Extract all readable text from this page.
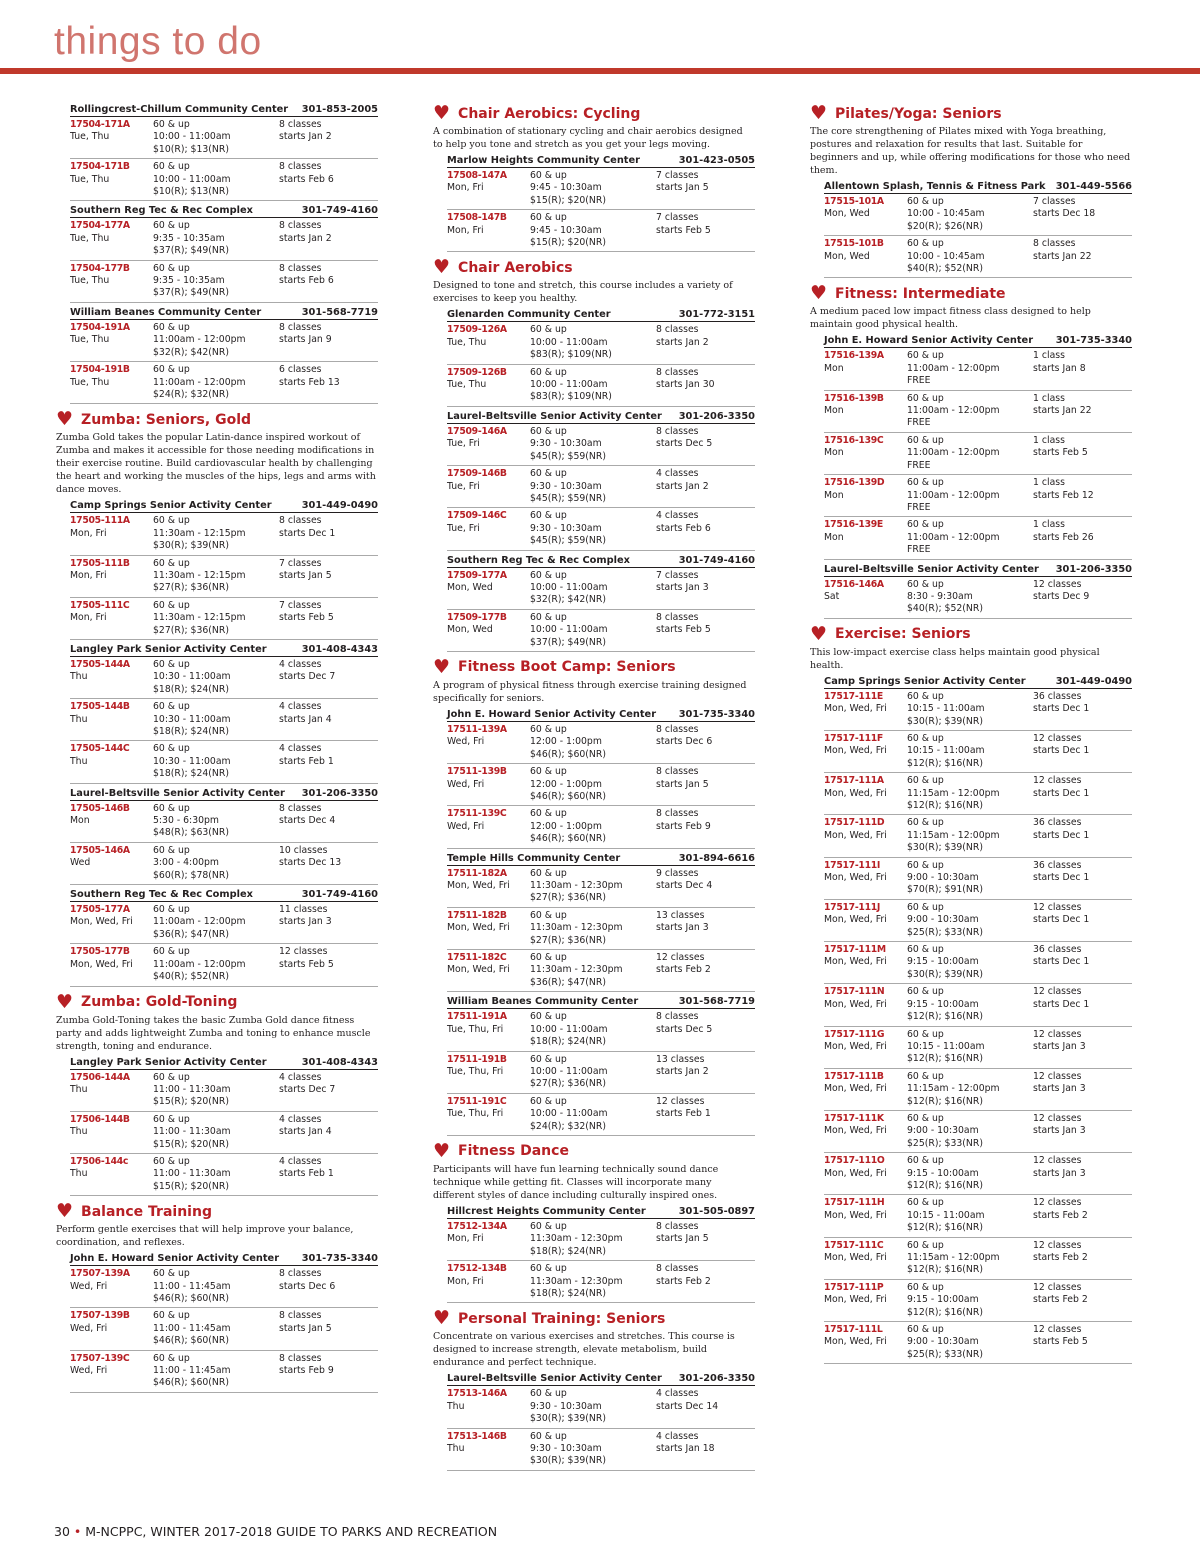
things to do
Rollingcrest-Chillum Community Center 301-853-2005
17504-171A	60 & up	8 classes
Tue, Thu	10:00 - 11:00am	starts Jan 2
$10(R); $13(NR)
17504-171B	60 & up	8 classes
Tue, Thu	10:00 - 11:00am	starts Feb 6
$10(R); $13(NR)
Southern Reg Tec & Rec Complex	301-749-4160
17504-177A	60 & up	8 classes
Tue, Thu	9:35 - 10:35am	starts Jan 2
$37(R); $49(NR)
17504-177B	60 & up	8 classes
Tue, Thu	9:35 - 10:35am	starts Feb 6
$37(R); $49(NR)
William Beanes Community Center	301-568-7719
17504-191A	60 & up	8 classes
Tue, Thu	11:00am - 12:00pm	starts Jan 9
$32(R); $42(NR)
17504-191B	60 & up	6 classes
Tue, Thu	11:00am - 12:00pm	starts Feb 13
$24(R); $32(NR)
♥ Zumba: Seniors, Gold
Zumba Gold takes the popular Latin-dance inspired workout of Zumba and makes it accessible for those needing modifications in their exercise routine. Build cardiovascular health by challenging the heart and working the muscles of the hips, legs and arms with dance moves.
Camp Springs Senior Activity Center	301-449-0490
17505-111A	60 & up	8 classes
Mon, Fri	11:30am - 12:15pm	starts Dec 1
$30(R); $39(NR)
17505-111B	60 & up	7 classes
Mon, Fri	11:30am - 12:15pm	starts Jan 5
$27(R); $36(NR)
17505-111C	60 & up	7 classes
Mon, Fri	11:30am - 12:15pm	starts Feb 5
$27(R); $36(NR)
Langley Park Senior Activity Center	301-408-4343
17505-144A	60 & up	4 classes
Thu	10:30 - 11:00am	starts Dec 7
$18(R); $24(NR)
17505-144B	60 & up	4 classes
Thu	10:30 - 11:00am	starts Jan 4
$18(R); $24(NR)
17505-144C	60 & up	4 classes
Thu	10:30 - 11:00am	starts Feb 1
$18(R); $24(NR)
Laurel-Beltsville Senior Activity Center 301-206-3350
17505-146B	60 & up	8 classes
Mon	5:30 - 6:30pm	starts Dec 4
$48(R); $63(NR)
17505-146A	60 & up	10 classes
Wed	3:00 - 4:00pm	starts Dec 13
$60(R); $78(NR)
Southern Reg Tec & Rec Complex	301-749-4160
17505-177A	60 & up	11 classes
Mon, Wed, Fri	11:00am - 12:00pm	starts Jan 3
$36(R); $47(NR)
17505-177B	60 & up	12 classes
Mon, Wed, Fri	11:00am - 12:00pm	starts Feb 5
$40(R); $52(NR)
♥ Zumba: Gold-Toning
Zumba Gold-Toning takes the basic Zumba Gold dance fitness party and adds lightweight Zumba and toning to enhance muscle strength, toning and endurance.
Langley Park Senior Activity Center	301-408-4343
17506-144A	60 & up	4 classes
Thu	11:00 - 11:30am	starts Dec 7
$15(R); $20(NR)
17506-144B	60 & up	4 classes
Thu	11:00 - 11:30am	starts Jan 4
$15(R); $20(NR)
17506-144c	60 & up	4 classes
Thu	11:00 - 11:30am	starts Feb 1
$15(R); $20(NR)
♥ Balance Training
Perform gentle exercises that will help improve your balance, coordination, and reflexes.
John E. Howard Senior Activity Center 301-735-3340
17507-139A	60 & up	8 classes
Wed, Fri	11:00 - 11:45am	starts Dec 6
$46(R); $60(NR)
17507-139B	60 & up	8 classes
Wed, Fri	11:00 - 11:45am	starts Jan 5
$46(R); $60(NR)
17507-139C	60 & up	8 classes
Wed, Fri	11:00 - 11:45am	starts Feb 9
$46(R); $60(NR)
♥ Chair Aerobics: Cycling
A combination of stationary cycling and chair aerobics designed to help you tone and stretch as you get your legs moving.
Marlow Heights Community Center	301-423-0505
17508-147A	60 & up	7 classes
Mon, Fri	9:45 - 10:30am	starts Jan 5
$15(R); $20(NR)
17508-147B	60 & up	7 classes
Mon, Fri	9:45 - 10:30am	starts Feb 5
$15(R); $20(NR)
♥ Chair Aerobics
Designed to tone and stretch, this course includes a variety of exercises to keep you healthy.
Glenarden Community Center	301-772-3151
17509-126A	60 & up	8 classes
Tue, Thu	10:00 - 11:00am	starts Jan 2
$83(R); $109(NR)
17509-126B	60 & up	8 classes
Tue, Thu	10:00 - 11:00am	starts Jan 30
$83(R); $109(NR)
Laurel-Beltsville Senior Activity Center 301-206-3350
17509-146A	60 & up	8 classes
Tue, Fri	9:30 - 10:30am	starts Dec 5
$45(R); $59(NR)
17509-146B	60 & up	4 classes
Tue, Fri	9:30 - 10:30am	starts Jan 2
$45(R); $59(NR)
17509-146C	60 & up	4 classes
Tue, Fri	9:30 - 10:30am	starts Feb 6
$45(R); $59(NR)
Southern Reg Tec & Rec Complex	301-749-4160
17509-177A	60 & up	7 classes
Mon, Wed	10:00 - 11:00am	starts Jan 3
$32(R); $42(NR)
17509-177B	60 & up	8 classes
Mon, Wed	10:00 - 11:00am	starts Feb 5
$37(R); $49(NR)
♥ Fitness Boot Camp: Seniors
A program of physical fitness through exercise training designed specifically for seniors.
John E. Howard Senior Activity Center 301-735-3340
17511-139A	60 & up	8 classes
Wed, Fri	12:00 - 1:00pm	starts Dec 6
$46(R); $60(NR)
17511-139B	60 & up	8 classes
Wed, Fri	12:00 - 1:00pm	starts Jan 5
$46(R); $60(NR)
17511-139C	60 & up	8 classes
Wed, Fri	12:00 - 1:00pm	starts Feb 9
$46(R); $60(NR)
Temple Hills Community Center	301-894-6616
17511-182A	60 & up	9 classes
Mon, Wed, Fri	11:30am - 12:30pm	starts Dec 4
$27(R); $36(NR)
17511-182B	60 & up	13 classes
Mon, Wed, Fri	11:30am - 12:30pm	starts Jan 3
$27(R); $36(NR)
17511-182C	60 & up	12 classes
Mon, Wed, Fri	11:30am - 12:30pm	starts Feb 2
$36(R); $47(NR)
William Beanes Community Center	301-568-7719
17511-191A	60 & up	8 classes
Tue, Thu, Fri	10:00 - 11:00am	starts Dec 5
$18(R); $24(NR)
17511-191B	60 & up	13 classes
Tue, Thu, Fri	10:00 - 11:00am	starts Jan 2
$27(R); $36(NR)
17511-191C	60 & up	12 classes
Tue, Thu, Fri	10:00 - 11:00am	starts Feb 1
$24(R); $32(NR)
♥ Fitness Dance
Participants will have fun learning technically sound dance technique while getting fit. Classes will incorporate many different styles of dance including culturally inspired ones.
Hillcrest Heights Community Center	301-505-0897
17512-134A	60 & up	8 classes
Mon, Fri	11:30am - 12:30pm	starts Jan 5
$18(R); $24(NR)
17512-134B	60 & up	8 classes
Mon, Fri	11:30am - 12:30pm	starts Feb 2
$18(R); $24(NR)
♥ Personal Training: Seniors
Concentrate on various exercises and stretches. This course is designed to increase strength, elevate metabolism, build endurance and perfect technique.
Laurel-Beltsville Senior Activity Center 301-206-3350
17513-146A	60 & up	4 classes
Thu	9:30 - 10:30am	starts Dec 14
$30(R); $39(NR)
17513-146B	60 & up	4 classes
Thu	9:30 - 10:30am	starts Jan 18
$30(R); $39(NR)
♥ Pilates/Yoga: Seniors
The core strengthening of Pilates mixed with Yoga breathing, postures and relaxation for results that last. Suitable for beginners and up, while offering modifications for those who need them.
Allentown Splash, Tennis & Fitness Park 301-449-5566
17515-101A	60 & up	7 classes
Mon, Wed	10:00 - 10:45am	starts Dec 18
$20(R); $26(NR)
17515-101B	60 & up	8 classes
Mon, Wed	10:00 - 10:45am	starts Jan 22
$40(R); $52(NR)
♥ Fitness: Intermediate
A medium paced low impact fitness class designed to help maintain good physical health.
John E. Howard Senior Activity Center 301-735-3340
17516-139A	60 & up	1 class
Mon	11:00am - 12:00pm	starts Jan 8
FREE
17516-139B	60 & up	1 class
Mon	11:00am - 12:00pm	starts Jan 22
FREE
17516-139C	60 & up	1 class
Mon	11:00am - 12:00pm	starts Feb 5
FREE
17516-139D	60 & up	1 class
Mon	11:00am - 12:00pm	starts Feb 12
FREE
17516-139E	60 & up	1 class
Mon	11:00am - 12:00pm	starts Feb 26
FREE
Laurel-Beltsville Senior Activity Center 301-206-3350
17516-146A	60 & up	12 classes
Sat	8:30 - 9:30am	starts Dec 9
$40(R); $52(NR)
♥ Exercise: Seniors
This low-impact exercise class helps maintain good physical health.
Camp Springs Senior Activity Center	301-449-0490
17517-111E	60 & up	36 classes
Mon, Wed, Fri	10:15 - 11:00am	starts Dec 1
$30(R); $39(NR)
17517-111F	60 & up	12 classes
Mon, Wed, Fri	10:15 - 11:00am	starts Dec 1
$12(R); $16(NR)
17517-111A	60 & up	12 classes
Mon, Wed, Fri	11:15am - 12:00pm	starts Dec 1
$12(R); $16(NR)
17517-111D	60 & up	36 classes
Mon, Wed, Fri	11:15am - 12:00pm	starts Dec 1
$30(R); $39(NR)
17517-111I	60 & up	36 classes
Mon, Wed, Fri	9:00 - 10:30am	starts Dec 1
$70(R); $91(NR)
17517-111J	60 & up	12 classes
Mon, Wed, Fri	9:00 - 10:30am	starts Dec 1
$25(R); $33(NR)
17517-111M	60 & up	36 classes
Mon, Wed, Fri	9:15 - 10:00am	starts Dec 1
$30(R); $39(NR)
17517-111N	60 & up	12 classes
Mon, Wed, Fri	9:15 - 10:00am	starts Dec 1
$12(R); $16(NR)
17517-111G	60 & up	12 classes
Mon, Wed, Fri	10:15 - 11:00am	starts Jan 3
$12(R); $16(NR)
17517-111B	60 & up	12 classes
Mon, Wed, Fri	11:15am - 12:00pm	starts Jan 3
$12(R); $16(NR)
17517-111K	60 & up	12 classes
Mon, Wed, Fri	9:00 - 10:30am	starts Jan 3
$25(R); $33(NR)
17517-111O	60 & up	12 classes
Mon, Wed, Fri	9:15 - 10:00am	starts Jan 3
$12(R); $16(NR)
17517-111H	60 & up	12 classes
Mon, Wed, Fri	10:15 - 11:00am	starts Feb 2
$12(R); $16(NR)
17517-111C	60 & up	12 classes
Mon, Wed, Fri	11:15am - 12:00pm	starts Feb 2
$12(R); $16(NR)
17517-111P	60 & up	12 classes
Mon, Wed, Fri	9:15 - 10:00am	starts Feb 2
$12(R); $16(NR)
17517-111L	60 & up	12 classes
Mon, Wed, Fri	9:00 - 10:30am	starts Feb 5
$25(R); $33(NR)
30 • M-NCPPC, WINTER 2017-2018 GUIDE TO PARKS AND RECREATION
